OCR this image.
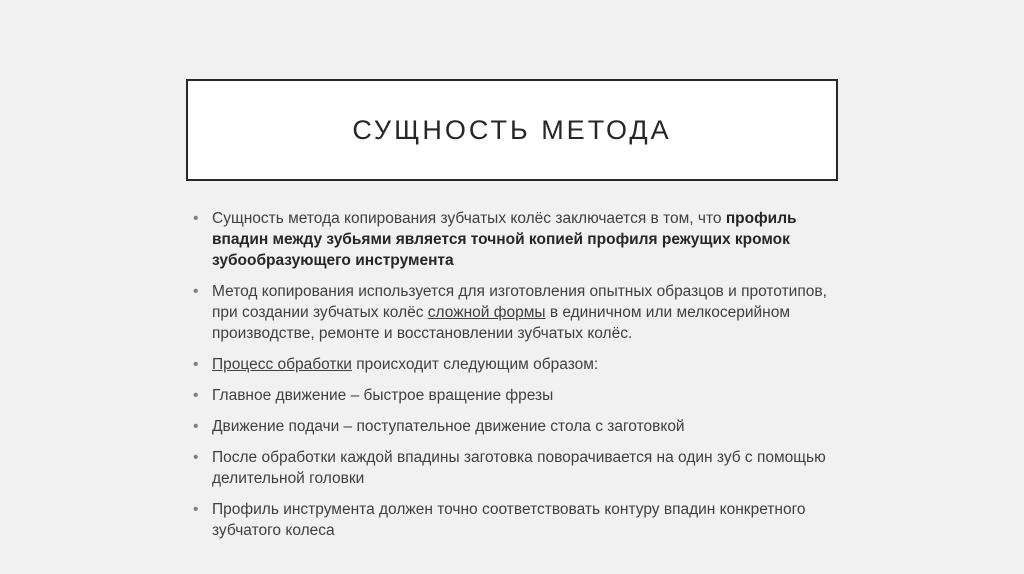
СУЩНОСТЬ МЕТОДА
• Сущность метода копирования зубчатых колёс заключается в том, что профиль впадин между зубьями является точной копией профиля режущих кромок зубообразующего инструмента
• Метод копирования используется для изготовления опытных образцов и прототипов, при создании зубчатых колёс сложной формы в единичном или мелкосерийном производстве, ремонте и восстановлении зубчатых колёс.
• Процесс обработки происходит следующим образом:
• Главное движение – быстрое вращение фрезы
• Движение подачи – поступательное движение стола с заготовкой
• После обработки каждой впадины заготовка поворачивается на один зуб с помощью делительной головки
• Профиль инструмента должен точно соответствовать контуру впадин конкретного зубчатого колеса
